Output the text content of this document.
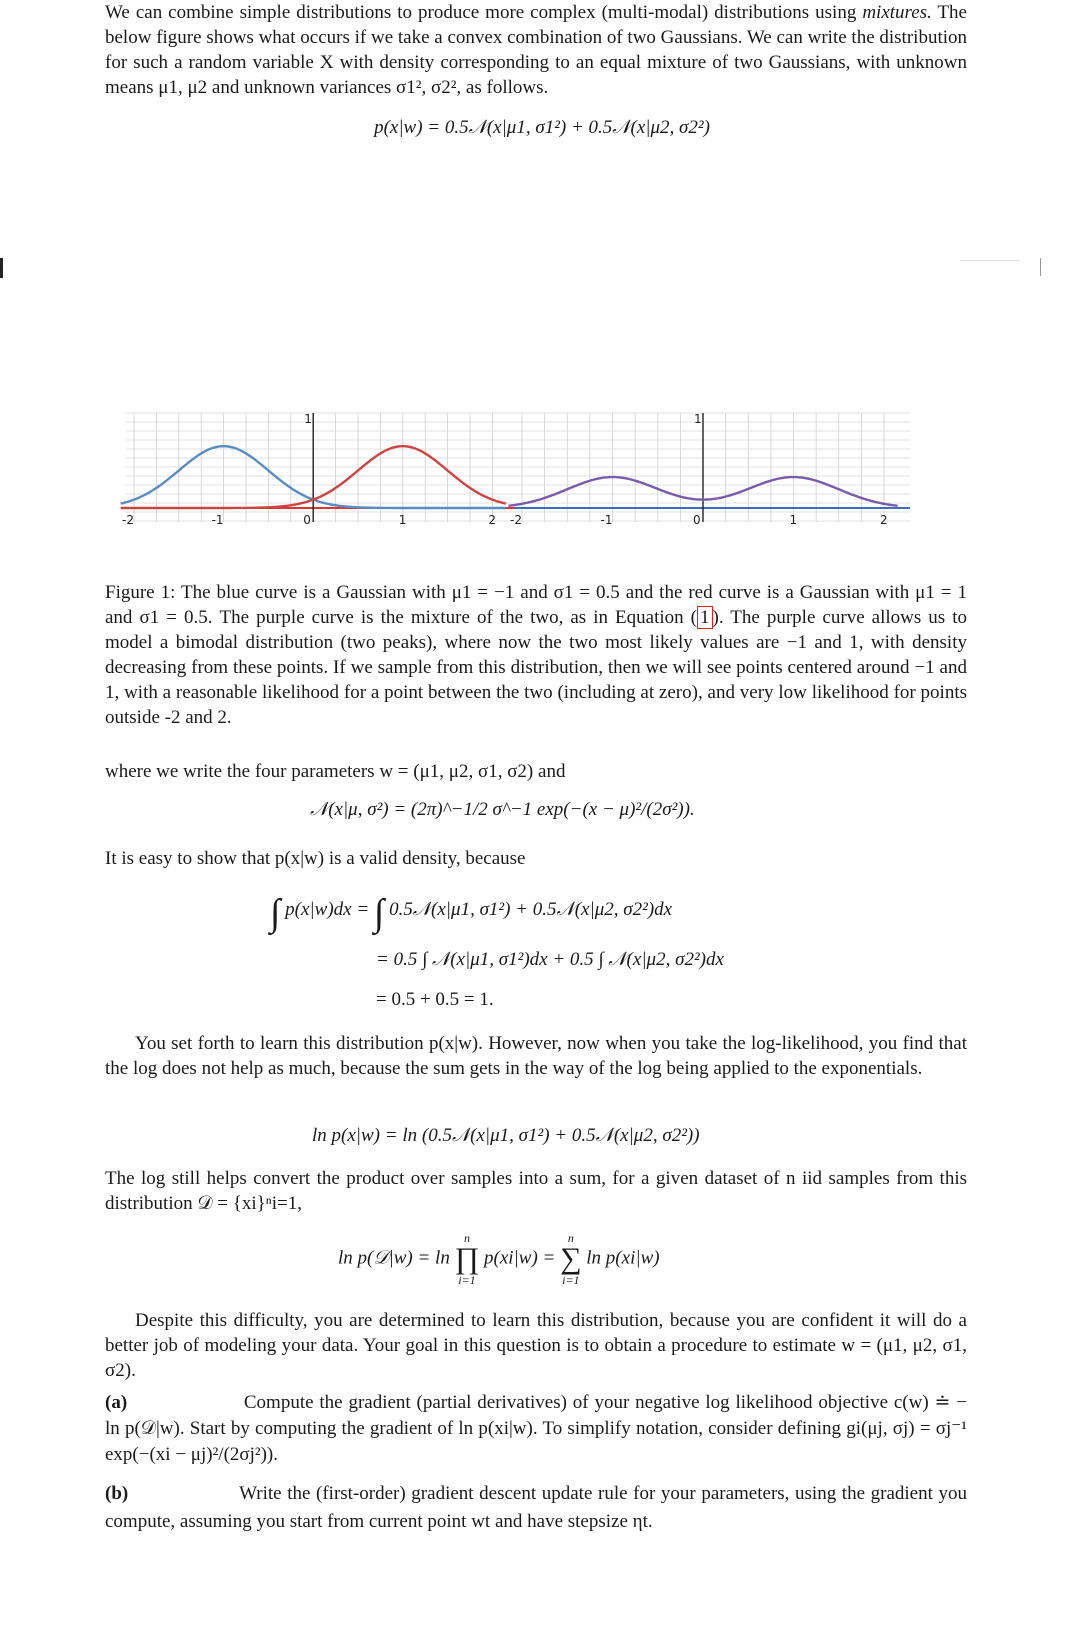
We can combine simple distributions to produce more complex (multi-modal) distributions using mixtures. The below figure shows what occurs if we take a convex combination of two Gaussians. We can write the distribution for such a random variable X with density corresponding to an equal mixture of two Gaussians, with unknown means μ1, μ2 and unknown variances σ1², σ2², as follows.
p(x|w) = 0.5𝒩(x|μ1, σ1²) + 0.5𝒩(x|μ2, σ2²)
1
-2	-1	0	1	2
1
-2	-1	0	1	2
Figure 1: The blue curve is a Gaussian with μ1 = −1 and σ1 = 0.5 and the red curve is a Gaussian with μ1 = 1 and σ1 = 0.5. The purple curve is the mixture of the two, as in Equation ( 1 ). The purple curve allows us to model a bimodal distribution (two peaks), where now the two most likely values are −1 and 1, with density decreasing from these points. If we sample from this distribution, then we will see points centered around −1 and 1, with a reasonable likelihood for a point between the two (including at zero), and very low likelihood for points outside -2 and 2.
where we write the four parameters w = (μ1, μ2, σ1, σ2) and
𝒩(x|μ, σ²) = (2π)^−1/2 σ^−1 exp(−(x − μ)²/(2σ²)).
It is easy to show that p(x|w) is a valid density, because
∫ p(x|w)dx = ∫ 0.5𝒩(x|μ1, σ1²) + 0.5𝒩(x|μ2, σ2²)dx
= 0.5 ∫ 𝒩(x|μ1, σ1²)dx + 0.5 ∫ 𝒩(x|μ2, σ2²)dx
= 0.5 + 0.5 = 1.
You set forth to learn this distribution p(x|w). However, now when you take the log-likelihood, you find that the log does not help as much, because the sum gets in the way of the log being applied to the exponentials.
ln p(x|w) = ln (0.5𝒩(x|μ1, σ1²) + 0.5𝒩(x|μ2, σ2²))
The log still helps convert the product over samples into a sum, for a given dataset of n iid samples from this distribution 𝒟 = {xi}ⁿi=1,
ln p(𝒟|w) = ln n
∏
i=1 p(xi|w) = n
∑
i=1 ln p(xi|w)
Despite this difficulty, you are determined to learn this distribution, because you are confident it will do a better job of modeling your data. Your goal in this question is to obtain a procedure to estimate w = (μ1, μ2, σ1, σ2).
(a)	Compute the gradient (partial derivatives) of your negative log likelihood objective c(w) ≐ − ln p(𝒟|w). Start by computing the gradient of ln p(xi|w). To simplify notation, consider defining gi(μj, σj) = σj⁻¹ exp(−(xi − μj)²/(2σj²)).
(b)	Write the (first-order) gradient descent update rule for your parameters, using the gradient you compute, assuming you start from current point wt and have stepsize ηt.
